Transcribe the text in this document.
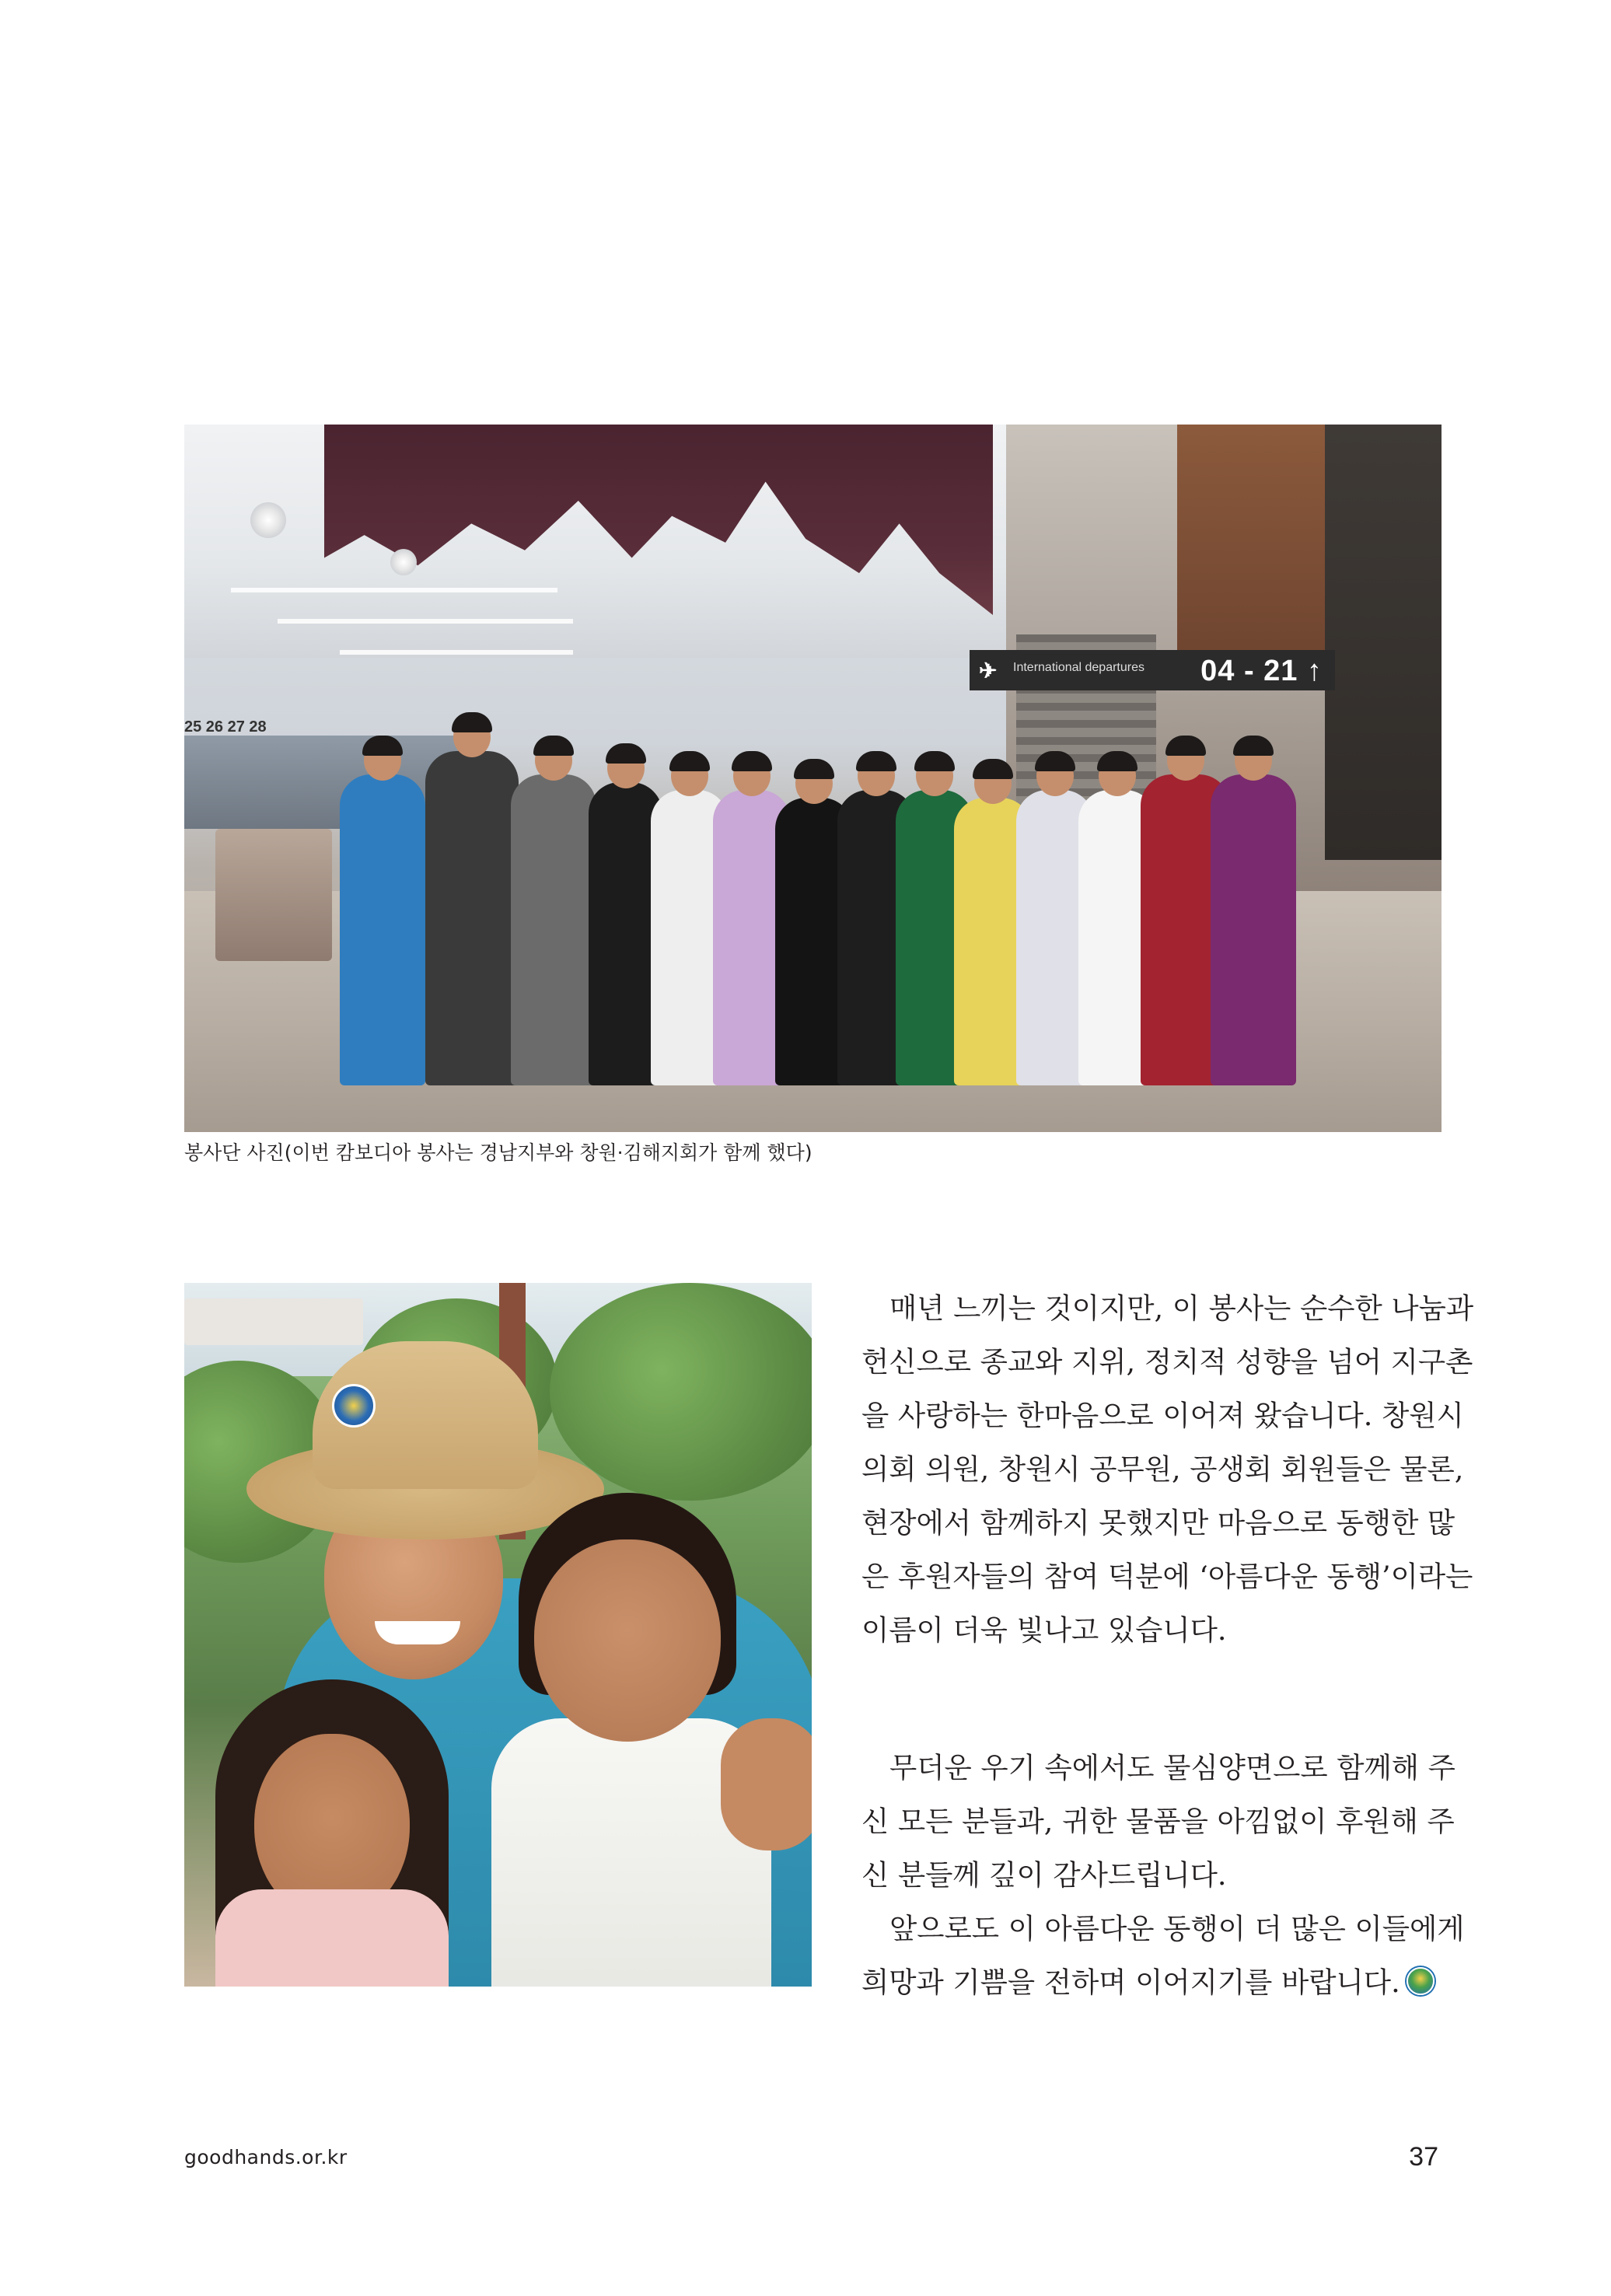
✈ International departures 04 - 21 ↑
25 26 27 28
봉사단 사진(이번 캄보디아 봉사는 경남지부와 창원·김해지회가 함께 했다)
매년 느끼는 것이지만, 이 봉사는 순수한 나눔과
헌신으로 종교와 지위, 정치적 성향을 넘어 지구촌
을 사랑하는 한마음으로 이어져 왔습니다. 창원시
의회 의원, 창원시 공무원, 공생회 회원들은 물론,
현장에서 함께하지 못했지만 마음으로 동행한 많
은 후원자들의 참여 덕분에 ‘아름다운 동행’이라는
이름이 더욱 빛나고 있습니다.
무더운 우기 속에서도 물심양면으로 함께해 주
신 모든 분들과, 귀한 물품을 아낌없이 후원해 주
신 분들께 깊이 감사드립니다.
앞으로도 이 아름다운 동행이 더 많은 이들에게
희망과 기쁨을 전하며 이어지기를 바랍니다.
goodhands.or.kr	37
